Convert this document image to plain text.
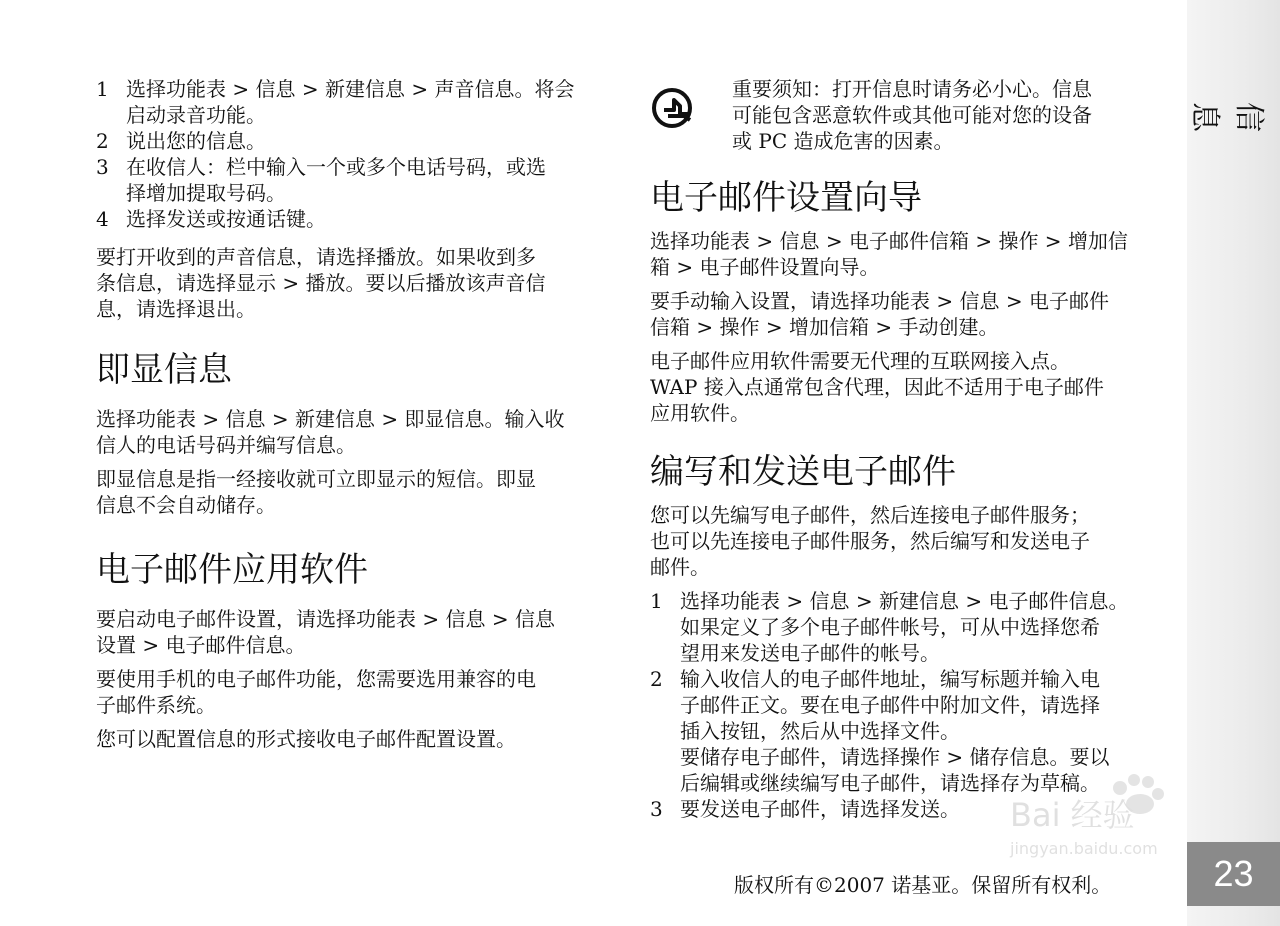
1 选择功能表 > 信息 > 新建信息 > 声音信息。将会
启动录音功能。
2 说出您的信息。
3 在收信人：栏中输入一个或多个电话号码，或选
择增加提取号码。
4 选择发送或按通话键。

要打开收到的声音信息，请选择播放。如果收到多
条信息，请选择显示 > 播放。要以后播放该声音信
息，请选择退出。

即显信息

选择功能表 > 信息 > 新建信息 > 即显信息。输入收
信人的电话号码并编写信息。

即显信息是指一经接收就可立即显示的短信。即显
信息不会自动储存。

电子邮件应用软件

要启动电子邮件设置，请选择功能表 > 信息 > 信息
设置 > 电子邮件信息。

要使用手机的电子邮件功能，您需要选用兼容的电
子邮件系统。

您可以配置信息的形式接收电子邮件配置设置。

重要须知：打开信息时请务必小心。信息
可能包含恶意软件或其他可能对您的设备
或 PC 造成危害的因素。

电子邮件设置向导

选择功能表 > 信息 > 电子邮件信箱 > 操作 > 增加信
箱 > 电子邮件设置向导。

要手动输入设置，请选择功能表 > 信息 > 电子邮件
信箱 > 操作 > 增加信箱 > 手动创建。

电子邮件应用软件需要无代理的互联网接入点。
WAP 接入点通常包含代理，因此不适用于电子邮件
应用软件。

编写和发送电子邮件

您可以先编写电子邮件，然后连接电子邮件服务；
也可以先连接电子邮件服务，然后编写和发送电子
邮件。

1 选择功能表 > 信息 > 新建信息 > 电子邮件信息。
如果定义了多个电子邮件帐号，可从中选择您希
望用来发送电子邮件的帐号。
2 输入收信人的电子邮件地址，编写标题并输入电
子邮件正文。要在电子邮件中附加文件，请选择
插入按钮，然后从中选择文件。
要储存电子邮件，请选择操作 > 储存信息。要以
后编辑或继续编写电子邮件，请选择存为草稿。
3 要发送电子邮件，请选择发送。
版权所有©2007 诺基亚。保留所有权利。
信息
23
Bai 经验
jingyan.baidu.com
